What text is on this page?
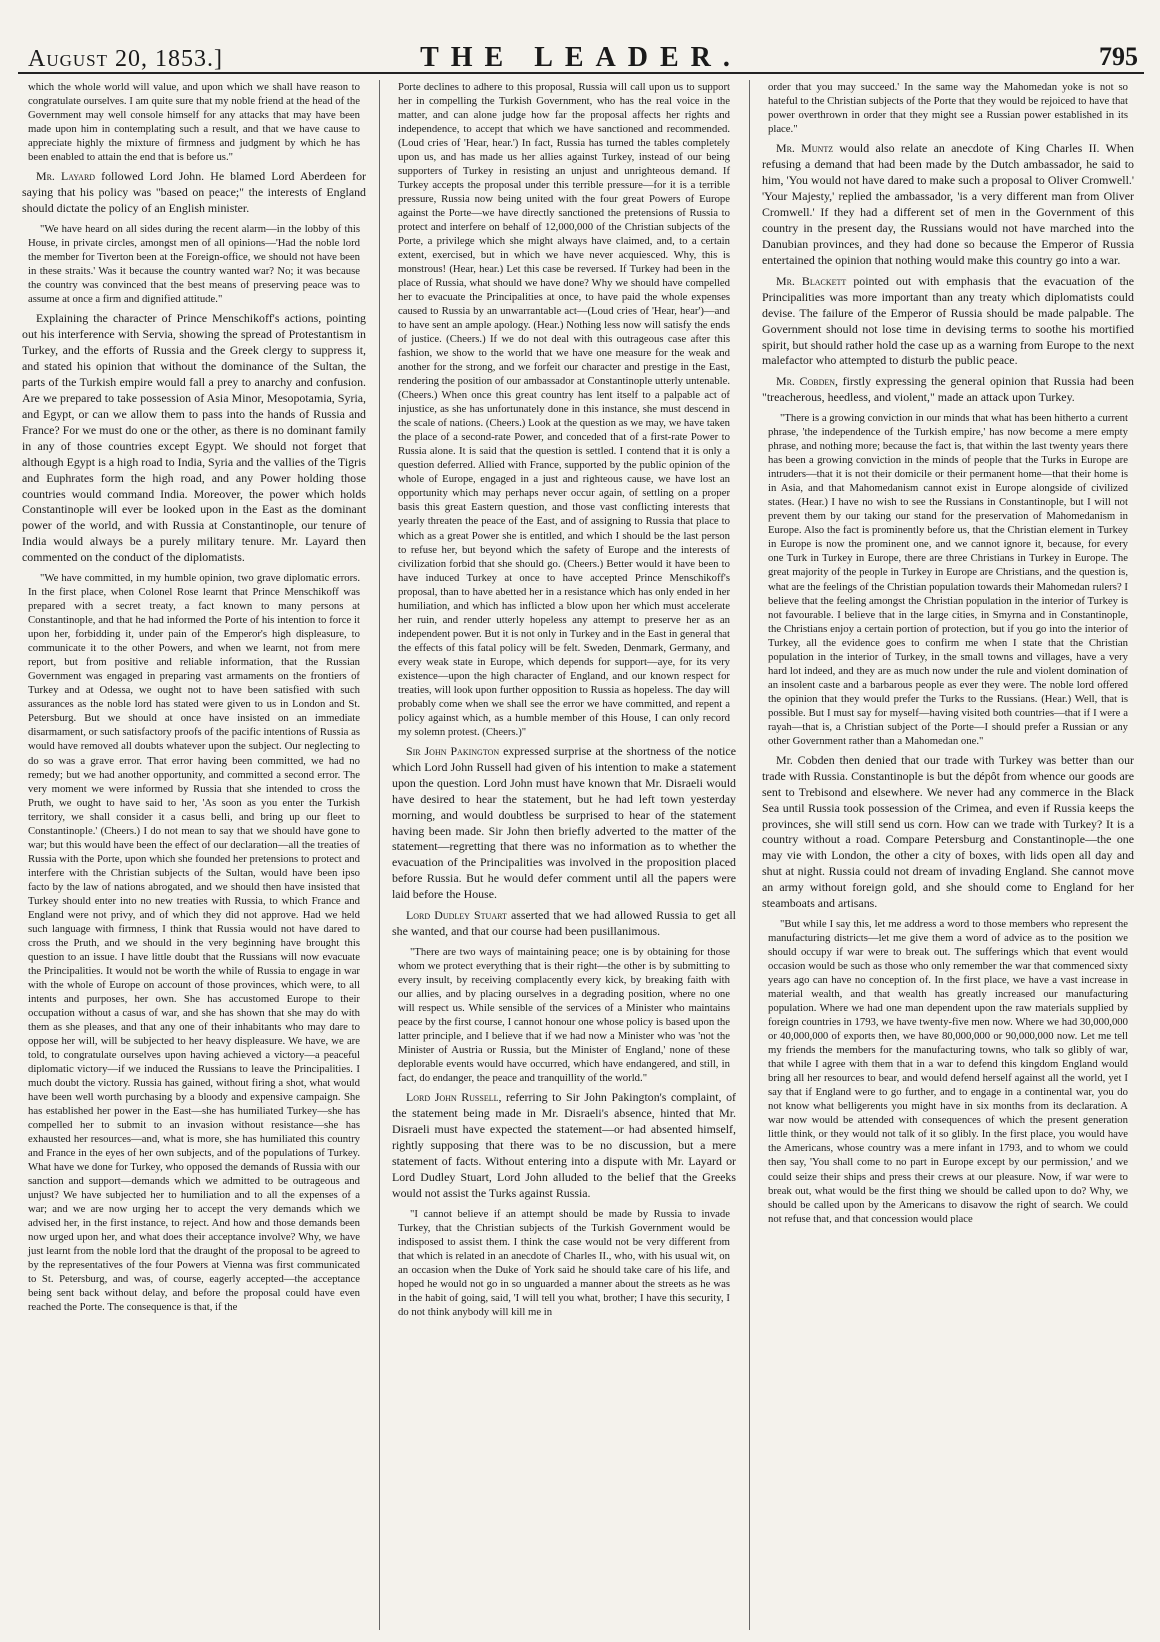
August 20, 1853.]	THE LEADER.	795
which the whole world will value, and upon which we shall have reason to congratulate ourselves. I am quite sure that my noble friend at the head of the Government may well console himself for any attacks that may have been made upon him in contemplating such a result, and that we have cause to appreciate highly the mixture of firmness and judgment by which he has been enabled to attain the end that is before us."
Mr. Layard followed Lord John. He blamed Lord Aberdeen for saying that his policy was "based on peace;" the interests of England should dictate the policy of an English minister.
"We have heard on all sides during the recent alarm—in the lobby of this House, in private circles, amongst men of all opinions—'Had the noble lord the member for Tiverton been at the Foreign-office, we should not have been in these straits.' Was it because the country wanted war? No; it was because the country was convinced that the best means of preserving peace was to assume at once a firm and dignified attitude."
Explaining the character of Prince Menschikoff's actions, pointing out his interference with Servia, showing the spread of Protestantism in Turkey, and the efforts of Russia and the Greek clergy to suppress it, and stated his opinion that without the dominance of the Sultan, the parts of the Turkish empire would fall a prey to anarchy and confusion. Are we prepared to take possession of Asia Minor, Mesopotamia, Syria, and Egypt, or can we allow them to pass into the hands of Russia and France? For we must do one or the other, as there is no dominant family in any of those countries except Egypt. We should not forget that although Egypt is a high road to India, Syria and the vallies of the Tigris and Euphrates form the high road, and any Power holding those countries would command India. Moreover, the power which holds Constantinople will ever be looked upon in the East as the dominant power of the world, and with Russia at Constantinople, our tenure of India would always be a purely military tenure. Mr. Layard then commented on the conduct of the diplomatists.
"We have committed, in my humble opinion, two grave diplomatic errors. In the first place, when Colonel Rose learnt that Prince Menschikoff was prepared with a secret treaty, a fact known to many persons at Constantinople, and that he had informed the Porte of his intention to force it upon her, forbidding it, under pain of the Emperor's high displeasure, to communicate it to the other Powers, and when we learnt, not from mere report, but from positive and reliable information, that the Russian Government was engaged in preparing vast armaments on the frontiers of Turkey and at Odessa, we ought not to have been satisfied with such assurances as the noble lord has stated were given to us in London and St. Petersburg. But we should at once have insisted on an immediate disarmament, or such satisfactory proofs of the pacific intentions of Russia as would have removed all doubts whatever upon the subject. Our neglecting to do so was a grave error. That error having been committed, we had no remedy; but we had another opportunity, and committed a second error. The very moment we were informed by Russia that she intended to cross the Pruth, we ought to have said to her, 'As soon as you enter the Turkish territory, we shall consider it a casus belli, and bring up our fleet to Constantinople.' (Cheers.) I do not mean to say that we should have gone to war; but this would have been the effect of our declaration—all the treaties of Russia with the Porte, upon which she founded her pretensions to protect and interfere with the Christian subjects of the Sultan, would have been ipso facto by the law of nations abrogated, and we should then have insisted that Turkey should enter into no new treaties with Russia, to which France and England were not privy, and of which they did not approve. Had we held such language with firmness, I think that Russia would not have dared to cross the Pruth, and we should in the very beginning have brought this question to an issue. I have little doubt that the Russians will now evacuate the Principalities. It would not be worth the while of Russia to engage in war with the whole of Europe on account of those provinces, which were, to all intents and purposes, her own. She has accustomed Europe to their occupation without a casus of war, and she has shown that she may do with them as she pleases, and that any one of their inhabitants who may dare to oppose her will, will be subjected to her heavy displeasure. We have, we are told, to congratulate ourselves upon having achieved a victory—a peaceful diplomatic victory—if we induced the Russians to leave the Principalities. I much doubt the victory. Russia has gained, without firing a shot, what would have been well worth purchasing by a bloody and expensive campaign. She has established her power in the East—she has humiliated Turkey—she has compelled her to submit to an invasion without resistance—she has exhausted her resources—and, what is more, she has humiliated this country and France in the eyes of her own subjects, and of the populations of Turkey. What have we done for Turkey, who opposed the demands of Russia with our sanction and support—demands which we admitted to be outrageous and unjust? We have subjected her to humiliation and to all the expenses of a war; and we are now urging her to accept the very demands which we advised her, in the first instance, to reject. And how and those demands been now urged upon her, and what does their acceptance involve? Why, we have just learnt from the noble lord that the draught of the proposal to be agreed to by the representatives of the four Powers at Vienna was first communicated to St. Petersburg, and was, of course, eagerly accepted—the acceptance being sent back without delay, and before the proposal could have even reached the Porte. The consequence is that, if the
Porte declines to adhere to this proposal, Russia will call upon us to support her in compelling the Turkish Government, who has the real voice in the matter, and can alone judge how far the proposal affects her rights and independence, to accept that which we have sanctioned and recommended. (Loud cries of 'Hear, hear.') In fact, Russia has turned the tables completely upon us, and has made us her allies against Turkey, instead of our being supporters of Turkey in resisting an unjust and unrighteous demand. If Turkey accepts the proposal under this terrible pressure—for it is a terrible pressure, Russia now being united with the four great Powers of Europe against the Porte—we have directly sanctioned the pretensions of Russia to protect and interfere on behalf of 12,000,000 of the Christian subjects of the Porte, a privilege which she might always have claimed, and, to a certain extent, exercised, but in which we have never acquiesced. Why, this is monstrous! (Hear, hear.) Let this case be reversed. If Turkey had been in the place of Russia, what should we have done? Why we should have compelled her to evacuate the Principalities at once, to have paid the whole expenses caused to Russia by an unwarrantable act—(Loud cries of 'Hear, hear')—and to have sent an ample apology. (Hear.) Nothing less now will satisfy the ends of justice. (Cheers.) If we do not deal with this outrageous case after this fashion, we show to the world that we have one measure for the weak and another for the strong, and we forfeit our character and prestige in the East, rendering the position of our ambassador at Constantinople utterly untenable. (Cheers.) When once this great country has lent itself to a palpable act of injustice, as she has unfortunately done in this instance, she must descend in the scale of nations. (Cheers.) Look at the question as we may, we have taken the place of a second-rate Power, and conceded that of a first-rate Power to Russia alone. It is said that the question is settled. I contend that it is only a question deferred. Allied with France, supported by the public opinion of the whole of Europe, engaged in a just and righteous cause, we have lost an opportunity which may perhaps never occur again, of settling on a proper basis this great Eastern question, and those vast conflicting interests that yearly threaten the peace of the East, and of assigning to Russia that place to which as a great Power she is entitled, and which I should be the last person to refuse her, but beyond which the safety of Europe and the interests of civilization forbid that she should go. (Cheers.) Better would it have been to have induced Turkey at once to have accepted Prince Menschikoff's proposal, than to have abetted her in a resistance which has only ended in her humiliation, and which has inflicted a blow upon her which must accelerate her ruin, and render utterly hopeless any attempt to preserve her as an independent power. But it is not only in Turkey and in the East in general that the effects of this fatal policy will be felt. Sweden, Denmark, Germany, and every weak state in Europe, which depends for support—aye, for its very existence—upon the high character of England, and our known respect for treaties, will look upon further opposition to Russia as hopeless. The day will probably come when we shall see the error we have committed, and repent a policy against which, as a humble member of this House, I can only record my solemn protest. (Cheers.)"
Sir John Pakington expressed surprise at the shortness of the notice which Lord John Russell had given of his intention to make a statement upon the question. Lord John must have known that Mr. Disraeli would have desired to hear the statement, but he had left town yesterday morning, and would doubtless be surprised to hear of the statement having been made. Sir John then briefly adverted to the matter of the statement—regretting that there was no information as to whether the evacuation of the Principalities was involved in the proposition placed before Russia. But he would defer comment until all the papers were laid before the House.
Lord Dudley Stuart asserted that we had allowed Russia to get all she wanted, and that our course had been pusillanimous.
"There are two ways of maintaining peace; one is by obtaining for those whom we protect everything that is their right—the other is by submitting to every insult, by receiving complacently every kick, by breaking faith with our allies, and by placing ourselves in a degrading position, where no one will respect us. While sensible of the services of a Minister who maintains peace by the first course, I cannot honour one whose policy is based upon the latter principle, and I believe that if we had now a Minister who was 'not the Minister of Austria or Russia, but the Minister of England,' none of these deplorable events would have occurred, which have endangered, and still, in fact, do endanger, the peace and tranquillity of the world."
Lord John Russell, referring to Sir John Pakington's complaint, of the statement being made in Mr. Disraeli's absence, hinted that Mr. Disraeli must have expected the statement—or had absented himself, rightly supposing that there was to be no discussion, but a mere statement of facts. Without entering into a dispute with Mr. Layard or Lord Dudley Stuart, Lord John alluded to the belief that the Greeks would not assist the Turks against Russia.
"I cannot believe if an attempt should be made by Russia to invade Turkey, that the Christian subjects of the Turkish Government would be indisposed to assist them. I think the case would not be very different from that which is related in an anecdote of Charles II., who, with his usual wit, on an occasion when the Duke of York said he should take care of his life, and hoped he would not go in so unguarded a manner about the streets as he was in the habit of going, said, 'I will tell you what, brother; I have this security, I do not think anybody will kill me in
order that you may succeed.' In the same way the Mahomedan yoke is not so hateful to the Christian subjects of the Porte that they would be rejoiced to have that power overthrown in order that they might see a Russian power established in its place."
Mr. Muntz would also relate an anecdote of King Charles II. When refusing a demand that had been made by the Dutch ambassador, he said to him, 'You would not have dared to make such a proposal to Oliver Cromwell.' 'Your Majesty,' replied the ambassador, 'is a very different man from Oliver Cromwell.' If they had a different set of men in the Government of this country in the present day, the Russians would not have marched into the Danubian provinces, and they had done so because the Emperor of Russia entertained the opinion that nothing would make this country go into a war.
Mr. Blackett pointed out with emphasis that the evacuation of the Principalities was more important than any treaty which diplomatists could devise. The failure of the Emperor of Russia should be made palpable. The Government should not lose time in devising terms to soothe his mortified spirit, but should rather hold the case up as a warning from Europe to the next malefactor who attempted to disturb the public peace.
Mr. Cobden, firstly expressing the general opinion that Russia had been "treacherous, heedless, and violent," made an attack upon Turkey.
"There is a growing conviction in our minds that what has been hitherto a current phrase, 'the independence of the Turkish empire,' has now become a mere empty phrase, and nothing more; because the fact is, that within the last twenty years there has been a growing conviction in the minds of people that the Turks in Europe are intruders—that it is not their domicile or their permanent home—that their home is in Asia, and that Mahomedanism cannot exist in Europe alongside of civilized states. (Hear.) I have no wish to see the Russians in Constantinople, but I will not prevent them by our taking our stand for the preservation of Mahomedanism in Europe. Also the fact is prominently before us, that the Christian element in Turkey in Europe is now the prominent one, and we cannot ignore it, because, for every one Turk in Turkey in Europe, there are three Christians in Turkey in Europe. The great majority of the people in Turkey in Europe are Christians, and the question is, what are the feelings of the Christian population towards their Mahomedan rulers? I believe that the feeling amongst the Christian population in the interior of Turkey is not favourable. I believe that in the large cities, in Smyrna and in Constantinople, the Christians enjoy a certain portion of protection, but if you go into the interior of Turkey, all the evidence goes to confirm me when I state that the Christian population in the interior of Turkey, in the small towns and villages, have a very hard lot indeed, and they are as much now under the rule and violent domination of an insolent caste and a barbarous people as ever they were. The noble lord offered the opinion that they would prefer the Turks to the Russians. (Hear.) Well, that is possible. But I must say for myself—having visited both countries—that if I were a rayah—that is, a Christian subject of the Porte—I should prefer a Russian or any other Government rather than a Mahomedan one."
Mr. Cobden then denied that our trade with Turkey was better than our trade with Russia. Constantinople is but the dépôt from whence our goods are sent to Trebisond and elsewhere. We never had any commerce in the Black Sea until Russia took possession of the Crimea, and even if Russia keeps the provinces, she will still send us corn. How can we trade with Turkey? It is a country without a road. Compare Petersburg and Constantinople—the one may vie with London, the other a city of boxes, with lids open all day and shut at night. Russia could not dream of invading England. She cannot move an army without foreign gold, and she should come to England for her steamboats and artisans.
"But while I say this, let me address a word to those members who represent the manufacturing districts—let me give them a word of advice as to the position we should occupy if war were to break out. The sufferings which that event would occasion would be such as those who only remember the war that commenced sixty years ago can have no conception of. In the first place, we have a vast increase in material wealth, and that wealth has greatly increased our manufacturing population. Where we had one man dependent upon the raw materials supplied by foreign countries in 1793, we have twenty-five men now. Where we had 30,000,000 or 40,000,000 of exports then, we have 80,000,000 or 90,000,000 now. Let me tell my friends the members for the manufacturing towns, who talk so glibly of war, that while I agree with them that in a war to defend this kingdom England would bring all her resources to bear, and would defend herself against all the world, yet I say that if England were to go further, and to engage in a continental war, you do not know what belligerents you might have in six months from its declaration. A war now would be attended with consequences of which the present generation little think, or they would not talk of it so glibly. In the first place, you would have the Americans, whose country was a mere infant in 1793, and to whom we could then say, 'You shall come to no part in Europe except by our permission,' and we could seize their ships and press their crews at our pleasure. Now, if war were to break out, what would be the first thing we should be called upon to do? Why, we should be called upon by the Americans to disavow the right of search. We could not refuse that, and that concession would place
